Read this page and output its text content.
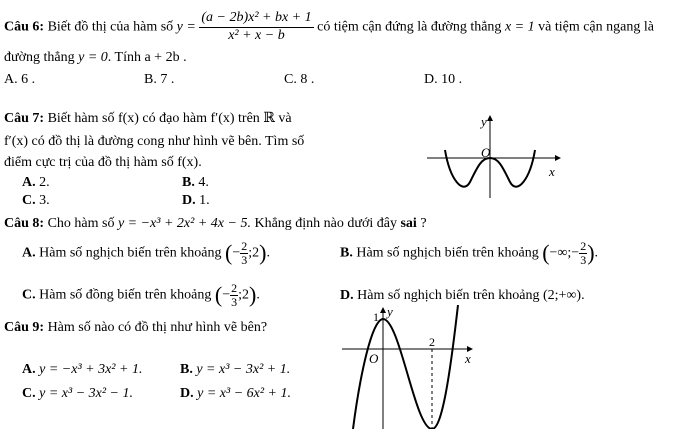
Câu 6: Biết đồ thị của hàm số $y = \frac{\text{(a − 2b)x² + bx + 1}}{\text{x² + x − b}}$ có tiệm cận đứng là đường thẳng x = 1 và tiệm cận ngang là
đường thẳng y = 0. Tính a + 2b .
A. 6 .	B. 7 .	C. 8 .	D. 10 .
Câu 7: Biết hàm số f(x) có đạo hàm f′(x) trên ℝ và
f′(x) có đồ thị là đường cong như hình vẽ bên. Tìm số
điểm cực trị của đồ thị hàm số f(x).
A. 2.	B. 4.
C. 3.	D. 1.
y
O
x
Câu 8: Cho hàm số y = −x³ + 2x² + 4x − 5. Khẳng định nào dưới đây sai ?
A. Hàm số nghịch biến trên khoảng (− $\frac{2}{3}$ ;2).	B. Hàm số nghịch biến trên khoảng (−∞;− $\frac{2}{3}$ ).
C. Hàm số đồng biến trên khoảng (− $\frac{2}{3}$ ;2).	D. Hàm số nghịch biến trên khoảng (2;+∞).
Câu 9: Hàm số nào có đồ thị như hình vẽ bên?
A. y = −x³ + 3x² + 1.	B. y = x³ − 3x² + 1.
C. y = x³ − 3x² − 1.	D. y = x³ − 6x² + 1.
1 y
2
O	x
